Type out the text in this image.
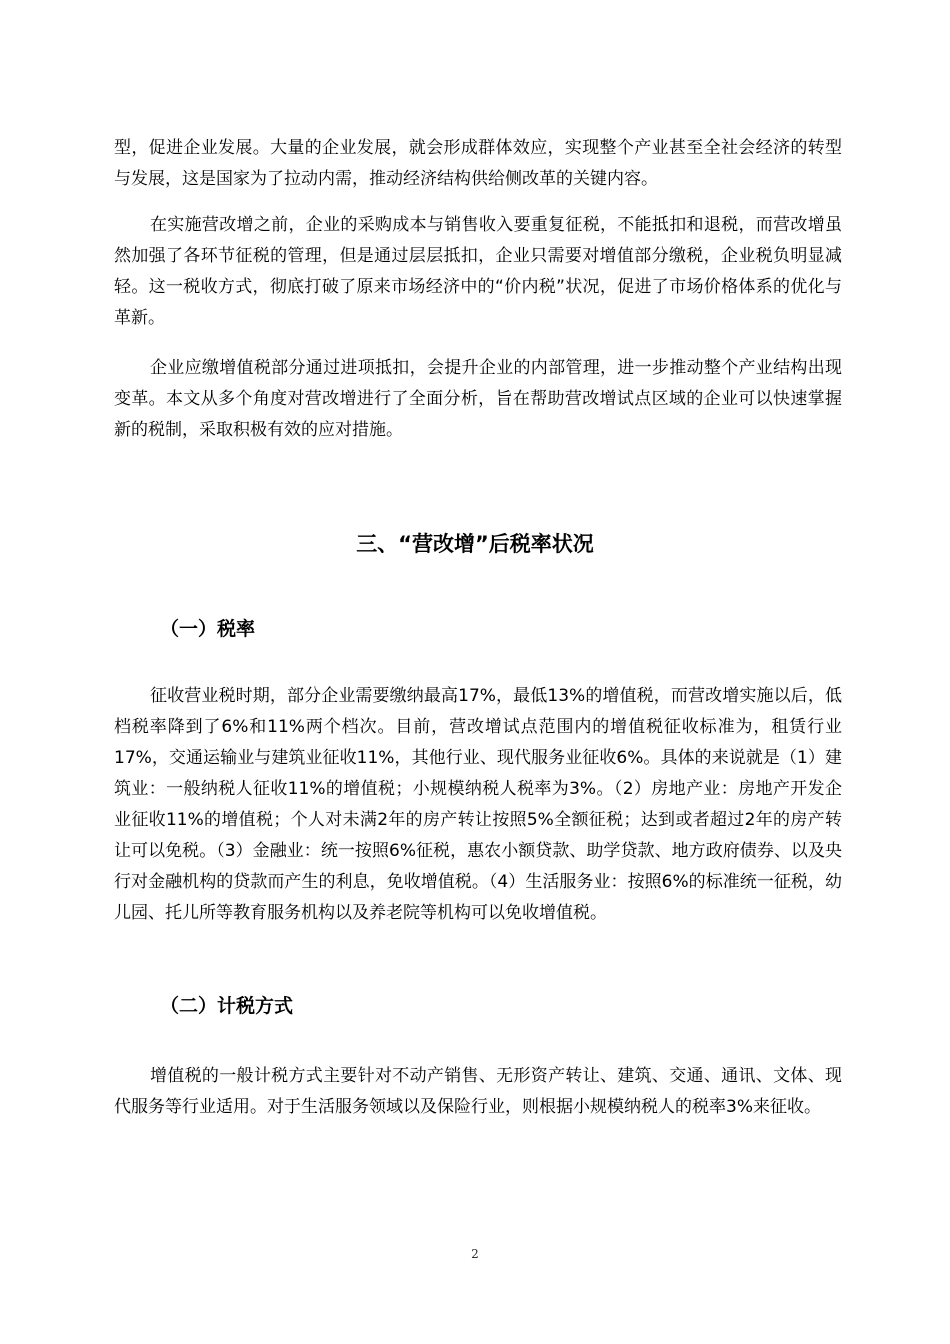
型，促进企业发展。大量的企业发展，就会形成群体效应，实现整个产业甚至全社会经济的转型与发展，这是国家为了拉动内需，推动经济结构供给侧改革的关键内容。

在实施营改增之前，企业的采购成本与销售收入要重复征税，不能抵扣和退税，而营改增虽然加强了各环节征税的管理，但是通过层层抵扣，企业只需要对增值部分缴税，企业税负明显减轻。这一税收方式，彻底打破了原来市场经济中的“价内税”状况，促进了市场价格体系的优化与革新。

企业应缴增值税部分通过进项抵扣，会提升企业的内部管理，进一步推动整个产业结构出现变革。本文从多个角度对营改增进行了全面分析，旨在帮助营改增试点区域的企业可以快速掌握新的税制，采取积极有效的应对措施。

三、“营改增”后税率状况
（一）税率

征收营业税时期，部分企业需要缴纳最高17%，最低13%的增值税，而营改增实施以后，低档税率降到了6%和11%两个档次。目前，营改增试点范围内的增值税征收标准为，租赁行业17%，交通运输业与建筑业征收11%，其他行业、现代服务业征收6%。具体的来说就是（1）建筑业：一般纳税人征收11%的增值税；小规模纳税人税率为3%。（2）房地产业：房地产开发企业征收11%的增值税；个人对未满2年的房产转让按照5%全额征税；达到或者超过2年的房产转让可以免税。（3）金融业：统一按照6%征税，惠农小额贷款、助学贷款、地方政府债券、以及央行对金融机构的贷款而产生的利息，免收增值税。（4）生活服务业：按照6%的标准统一征税，幼儿园、托儿所等教育服务机构以及养老院等机构可以免收增值税。

（二）计税方式

增值税的一般计税方式主要针对不动产销售、无形资产转让、建筑、交通、通讯、文体、现代服务等行业适用。对于生活服务领域以及保险行业，则根据小规模纳税人的税率3%来征收。

2
